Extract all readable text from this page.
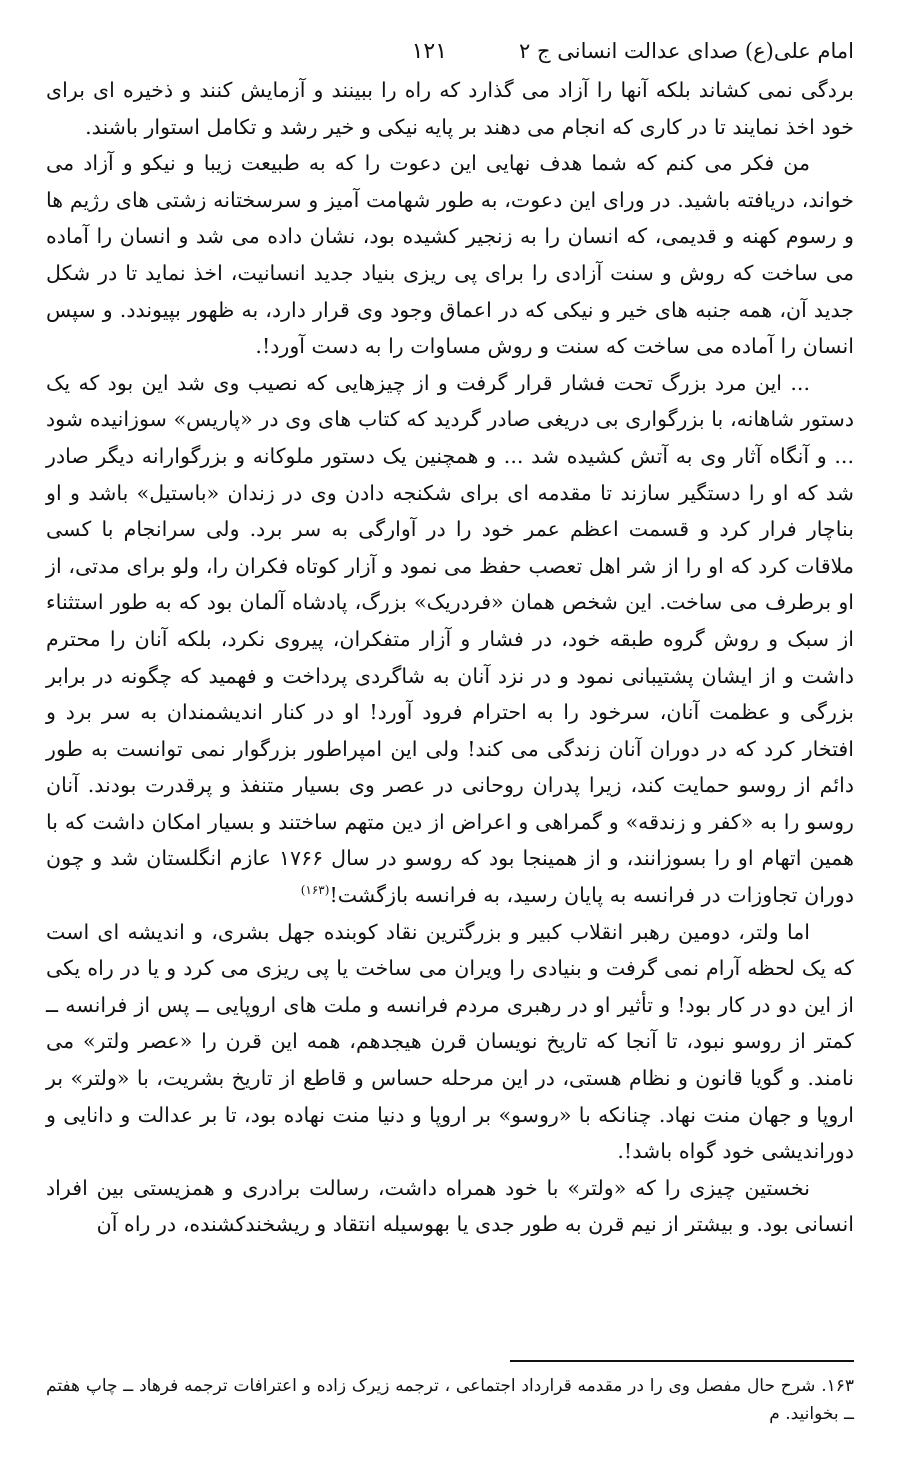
امام علی(ع) صدای عدالت انسانی ج ۲
۱۲۱

بردگی نمی کشاند بلکه آنها را آزاد می گذارد که راه را ببینند و آزمایش کنند و ذخیره ای برای خود اخذ نمایند تا در کاری که انجام می دهند بر پایه نیکی و خیر رشد و تکامل استوار باشند.

من فکر می کنم که شما هدف نهایی این دعوت را که به طبیعت زیبا و نیکو و آزاد می خواند، دریافته باشید. در ورای این دعوت، به طور شهامت آمیز و سرسختانه زشتی های رژیم ها و رسوم کهنه و قدیمی، که انسان را به زنجیر کشیده بود، نشان داده می شد و انسان را آماده می ساخت که روش و سنت آزادی را برای پی ریزی بنیاد جدید انسانیت، اخذ نماید تا در شکل جدید آن، همه جنبه های خیر و نیکی که در اعماق وجود وی قرار دارد، به ظهور بپیوندد. و سپس انسان را آماده می ساخت که سنت و روش مساوات را به دست آورد!.

... این مرد بزرگ تحت فشار قرار گرفت و از چیزهایی که نصیب وی شد این بود که یک دستور شاهانه، با بزرگواری بی دریغی صادر گردید که کتاب های وی در «پاریس» سوزانیده شود ... و آنگاه آثار وی به آتش کشیده شد ... و همچنین یک دستور ملوکانه و بزرگوارانه دیگر صادر شد که او را دستگیر سازند تا مقدمه ای برای شکنجه دادن وی در زندان «باستیل» باشد و او بناچار فرار کرد و قسمت اعظم عمر خود را در آوارگی به سر برد. ولی سرانجام با کسی ملاقات کرد که او را از شر اهل تعصب حفظ می نمود و آزار کوتاه فکران را، ولو برای مدتی، از او برطرف می ساخت. این شخص همان «فردریک» بزرگ، پادشاه آلمان بود که به طور استثناء از سبک و روش گروه طبقه خود، در فشار و آزار متفکران، پیروی نکرد، بلکه آنان را محترم داشت و از ایشان پشتیبانی نمود و در نزد آنان به شاگردی پرداخت و فهمید که چگونه در برابر بزرگی و عظمت آنان، سرخود را به احترام فرود آورد! او در کنار اندیشمندان به سر برد و افتخار کرد که در دوران آنان زندگی می کند! ولی این امپراطور بزرگوار نمی توانست به طور دائم از روسو حمایت کند، زیرا پدران روحانی در عصر وی بسیار متنفذ و پرقدرت بودند. آنان روسو را به «کفر و زندقه» و گمراهی و اعراض از دین متهم ساختند و بسیار امکان داشت که با همین اتهام او را بسوزانند، و از همینجا بود که روسو در سال ۱۷۶۶ عازم انگلستان شد و چون دوران تجاوزات در فرانسه به پایان رسید، به فرانسه بازگشت!$^{(۱۶۳)}$

اما ولتر، دومین رهبر انقلاب کبیر و بزرگترین نقاد کوبنده جهل بشری، و اندیشه ای است که یک لحظه آرام نمی گرفت و بنیادی را ویران می ساخت یا پی ریزی می کرد و یا در راه یکی از این دو در کار بود! و تأثیر او در رهبری مردم فرانسه و ملت های اروپایی ــ پس از فرانسه ــ کمتر از روسو نبود، تا آنجا که تاریخ نویسان قرن هیجدهم، همه این قرن را «عصر ولتر» می نامند. و گویا قانون و نظام هستی، در این مرحله حساس و قاطع از تاریخ بشریت، با «ولتر» بر اروپا و جهان منت نهاد. چنانکه با «روسو» بر اروپا و دنیا منت نهاده بود، تا بر عدالت و دانایی و دوراندیشی خود گواه باشد!.

نخستین چیزی را که «ولتر» با خود همراه داشت، رسالت برادری و همزیستی بین افراد انسانی بود. و بیشتر از نیم قرن به طور جدی یا بهوسیله انتقاد و ریشخندکشنده، در راه آن

۱۶۳. شرح حال مفصل وی را در مقدمه قرارداد اجتماعی ، ترجمه زیرک زاده و اعترافات ترجمه فرهاد ــ چاپ هفتم ــ بخوانید. م
